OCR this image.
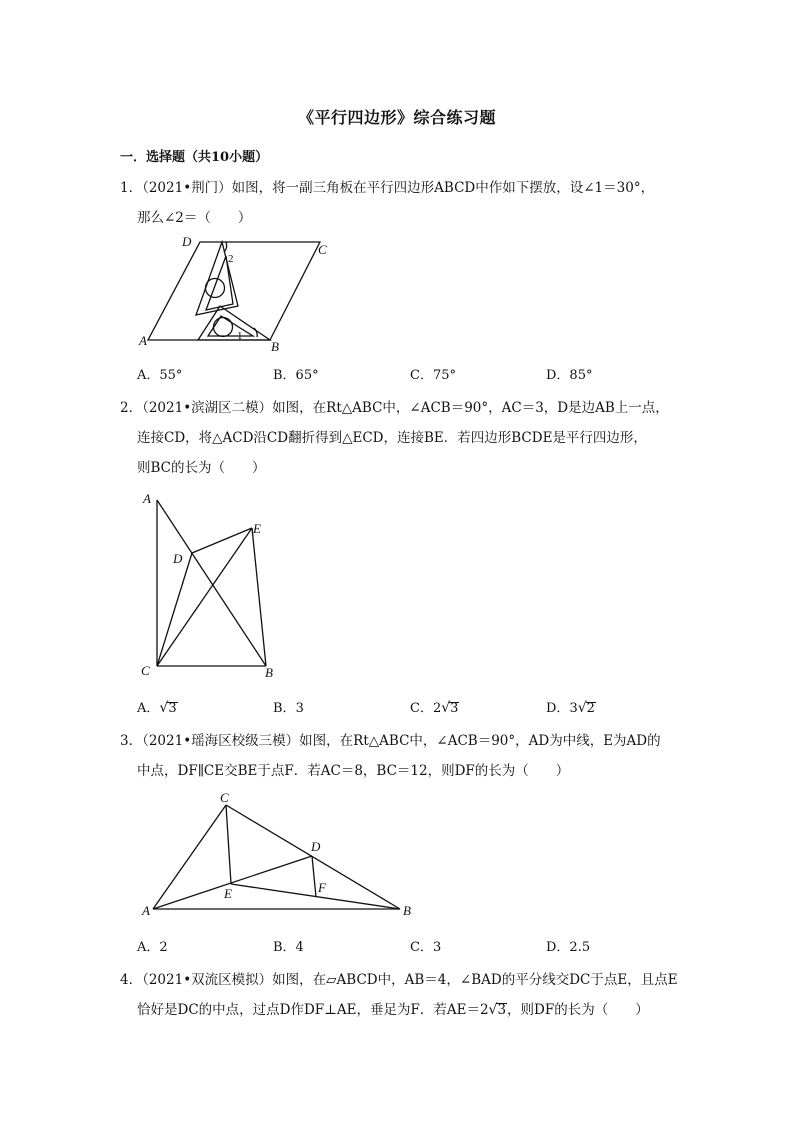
《平行四边形》综合练习题
一．选择题（共10小题）
1．（2021•荆门）如图，将一副三角板在平行四边形ABCD中作如下摆放，设∠1＝30°，
那么∠2＝（　　）
D
C
A	B
2
1
A．55°	B．65°	C．75°	D．85°
2．（2021•滨湖区二模）如图，在Rt△ABC中，∠ACB＝90°，AC＝3，D是边AB上一点，
连接CD，将△ACD沿CD翻折得到△ECD，连接BE．若四边形BCDE是平行四边形，
则BC的长为（　　）
A
D
E
C	B
A．√3	B．3	C．2√3	D．3√2
3．（2021•瑶海区校级三模）如图，在Rt△ABC中，∠ACB＝90°，AD为中线，E为AD的
中点，DF∥CE交BE于点F．若AC＝8，BC＝12，则DF的长为（　　）
C
D
E	F
A	B
A．2	B．4	C．3	D．2.5
4．（2021•双流区模拟）如图，在▱ABCD中，AB＝4，∠BAD的平分线交DC于点E，且点E
恰好是DC的中点，过点D作DF⊥AE，垂足为F．若AE＝2√3，则DF的长为（　　）
